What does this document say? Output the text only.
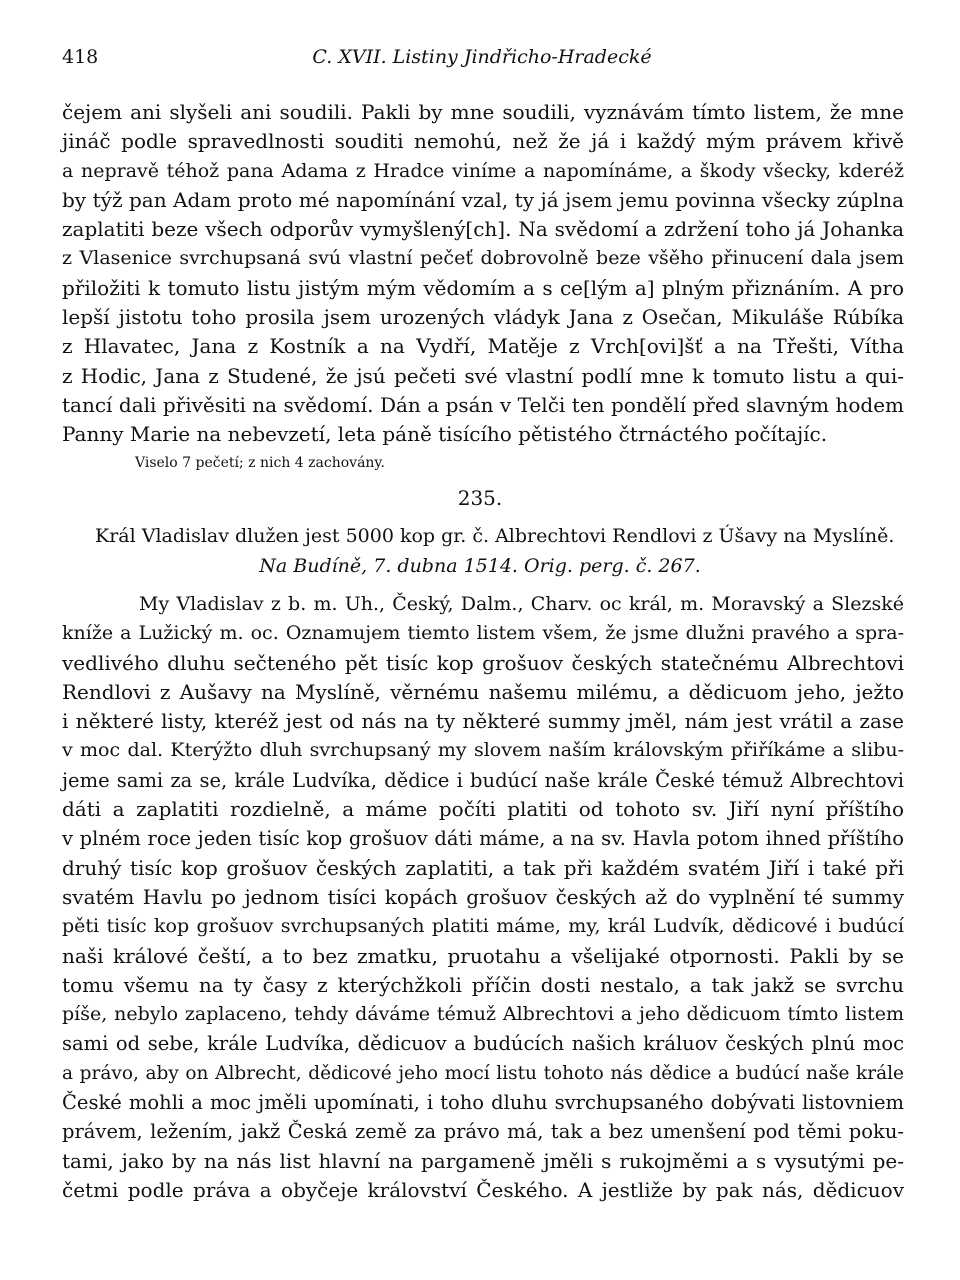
418	C. XVII. Listiny Jindřicho-Hradecké
čejem ani slyšeli ani soudili. Pakli by mne soudili, vyznávám tímto listem, že mne
jináč podle spravedlnosti souditi nemohú, než že já i každý mým právem křivě
a nepravě téhož pana Adama z Hradce viníme a napomínáme, a škody všecky, kderéž
by týž pan Adam proto mé napomínání vzal, ty já jsem jemu povinna všecky zúplna
zaplatiti beze všech odporův vymyšlený[ch]. Na svědomí a zdržení toho já Johanka
z Vlasenice svrchupsaná svú vlastní pečeť dobrovolně beze všěho přinucení dala jsem
přiložiti k tomuto listu jistým mým vědomím a s ce[lým a] plným přiznáním. A pro
lepší jistotu toho prosila jsem urozených vládyk Jana z Osečan, Mikuláše Rúbíka
z Hlavatec, Jana z Kostník a na Vydří, Matěje z Vrch[ovi]šť a na Třešti, Vítha
z Hodic, Jana z Studené, že jsú pečeti své vlastní podlí mne k tomuto listu a qui-
tancí dali přivěsiti na svědomí. Dán a psán v Telči ten pondělí před slavným hodem
Panny Marie na nebevzetí, leta páně tisícího pětistého čtrnáctého počítajíc.
Viselo 7 pečetí; z nich 4 zachovány.
235.
Král Vladislav dlužen jest 5000 kop gr. č. Albrechtovi Rendlovi z Úšavy na Myslíně.
Na Budíně, 7. dubna 1514. Orig. perg. č. 267.
My Vladislav z b. m. Uh., Český, Dalm., Charv. oc král, m. Moravský a Slezské
kníže a Lužický m. oc. Oznamujem tiemto listem všem, že jsme dlužni pravého a spra-
vedlivého dluhu sečteného pět tisíc kop grošuov českých statečnému Albrechtovi
Rendlovi z Aušavy na Myslíně, věrnému našemu milému, a dědicuom jeho, ježto
i některé listy, kteréž jest od nás na ty některé summy jměl, nám jest vrátil a zase
v moc dal. Kterýžto dluh svrchupsaný my slovem naším královským přiříkáme a slibu-
jeme sami za se, krále Ludvíka, dědice i budúcí naše krále České témuž Albrechtovi
dáti a zaplatiti rozdielně, a máme počíti platiti od tohoto sv. Jiří nyní příštího
v plném roce jeden tisíc kop grošuov dáti máme, a na sv. Havla potom ihned příštího
druhý tisíc kop grošuov českých zaplatiti, a tak při každém svatém Jiří i také při
svatém Havlu po jednom tisíci kopách grošuov českých až do vyplnění té summy
pěti tisíc kop grošuov svrchupsaných platiti máme, my, král Ludvík, dědicové i budúcí
naši králové čeští, a to bez zmatku, pruotahu a všelijaké otpornosti. Pakli by se
tomu všemu na ty časy z kterýchžkoli příčin dosti nestalo, a tak jakž se svrchu
píše, nebylo zaplaceno, tehdy dáváme témuž Albrechtovi a jeho dědicuom tímto listem
sami od sebe, krále Ludvíka, dědicuov a budúcích našich králuov českých plnú moc
a právo, aby on Albrecht, dědicové jeho mocí listu tohoto nás dědice a budúcí naše krále
České mohli a moc jměli upomínati, i toho dluhu svrchupsaného dobývati listovniem
právem, ležením, jakž Česká země za právo má, tak a bez umenšení pod těmi poku-
tami, jako by na nás list hlavní na pargameně jměli s rukojměmi a s vysutými pe-
četmi podle práva a obyčeje království Českého. A jestliže by pak nás, dědicuov
